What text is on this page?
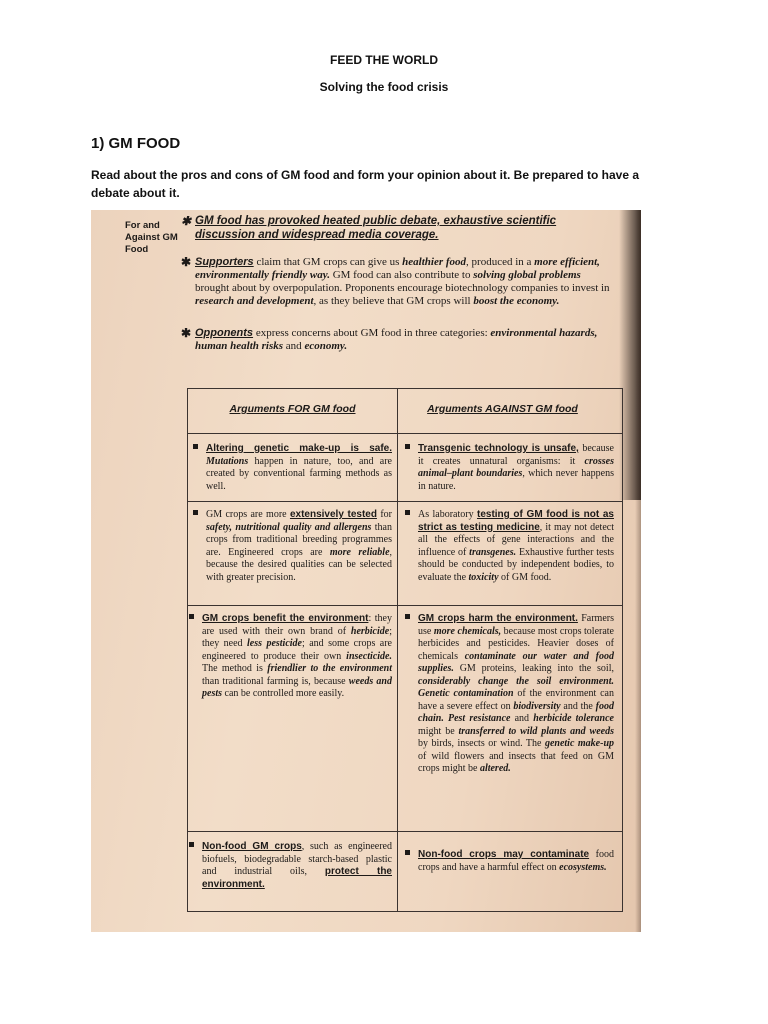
FEED THE WORLD
Solving the food crisis
1) GM FOOD
Read about the pros and cons of GM food and form your opinion about it. Be prepared to have a debate about it.
For and Against GM Food
✱ GM food has provoked heated public debate, exhaustive scientific discussion and widespread media coverage.
✱ Supporters claim that GM crops can give us healthier food, produced in a more efficient, environmentally friendly way. GM food can also contribute to solving global problems brought about by overpopulation. Proponents encourage biotechnology companies to invest in research and development, as they believe that GM crops will boost the economy.
✱ Opponents express concerns about GM food in three categories: environmental hazards, human health risks and economy.
Arguments FOR GM food	Arguments AGAINST GM food
Altering genetic make-up is safe. Mutations happen in nature, too, and are created by conventional farming methods as well.
Transgenic technology is unsafe, because it creates unnatural organisms: it crosses animal–plant boundaries, which never happens in nature.
GM crops are more extensively tested for safety, nutritional quality and allergens than crops from traditional breeding programmes are. Engineered crops are more reliable, because the desired qualities can be selected with greater precision.
As laboratory testing of GM food is not as strict as testing medicine, it may not detect all the effects of gene interactions and the influence of transgenes. Exhaustive further tests should be conducted by independent bodies, to evaluate the toxicity of GM food.
GM crops benefit the environment: they are used with their own brand of herbicide; they need less pesticide; and some crops are engineered to produce their own insecticide. The method is friendlier to the environment than traditional farming is, because weeds and pests can be controlled more easily.
GM crops harm the environment. Farmers use more chemicals, because most crops tolerate herbicides and pesticides. Heavier doses of chemicals contaminate our water and food supplies. GM proteins, leaking into the soil, considerably change the soil environment. Genetic contamination of the environment can have a severe effect on biodiversity and the food chain. Pest resistance and herbicide tolerance might be transferred to wild plants and weeds by birds, insects or wind. The genetic make-up of wild flowers and insects that feed on GM crops might be altered.
Non-food GM crops, such as engineered biofuels, biodegradable starch-based plastic and industrial oils, protect the environment.
Non-food crops may contaminate food crops and have a harmful effect on ecosystems.
